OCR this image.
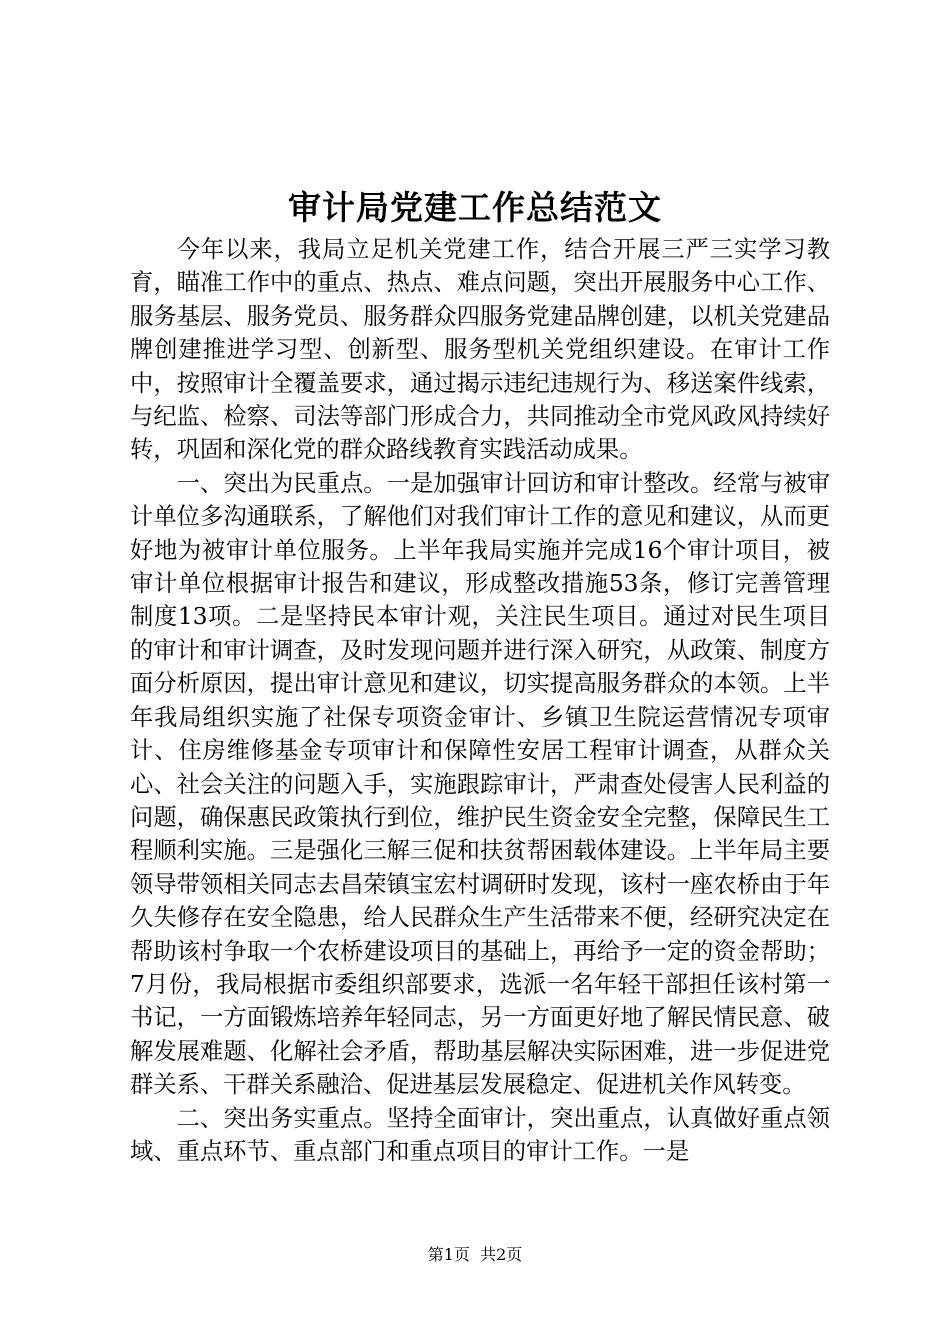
审计局党建工作总结范文

今年以来，我局立足机关党建工作，结合开展三严三实学习教育，瞄准工作中的重点、热点、难点问题，突出开展服务中心工作、服务基层、服务党员、服务群众四服务党建品牌创建，以机关党建品牌创建推进学习型、创新型、服务型机关党组织建设。在审计工作中，按照审计全覆盖要求，通过揭示违纪违规行为、移送案件线索，与纪监、检察、司法等部门形成合力，共同推动全市党风政风持续好转，巩固和深化党的群众路线教育实践活动成果。

一、突出为民重点。一是加强审计回访和审计整改。经常与被审计单位多沟通联系，了解他们对我们审计工作的意见和建议，从而更好地为被审计单位服务。上半年我局实施并完成16个审计项目，被审计单位根据审计报告和建议，形成整改措施53条，修订完善管理制度13项。二是坚持民本审计观，关注民生项目。通过对民生项目的审计和审计调查，及时发现问题并进行深入研究，从政策、制度方面分析原因，提出审计意见和建议，切实提高服务群众的本领。上半年我局组织实施了社保专项资金审计、乡镇卫生院运营情况专项审计、住房维修基金专项审计和保障性安居工程审计调查，从群众关心、社会关注的问题入手，实施跟踪审计，严肃查处侵害人民利益的问题，确保惠民政策执行到位，维护民生资金安全完整，保障民生工程顺利实施。三是强化三解三促和扶贫帮困载体建设。上半年局主要领导带领相关同志去昌荣镇宝宏村调研时发现，该村一座农桥由于年久失修存在安全隐患，给人民群众生产生活带来不便，经研究决定在帮助该村争取一个农桥建设项目的基础上，再给予一定的资金帮助；7月份，我局根据市委组织部要求，选派一名年轻干部担任该村第一书记，一方面锻炼培养年轻同志，另一方面更好地了解民情民意、破解发展难题、化解社会矛盾，帮助基层解决实际困难，进一步促进党群关系、干群关系融洽、促进基层发展稳定、促进机关作风转变。

二、突出务实重点。坚持全面审计，突出重点，认真做好重点领域、重点环节、重点部门和重点项目的审计工作。一是

第1页  共2页
